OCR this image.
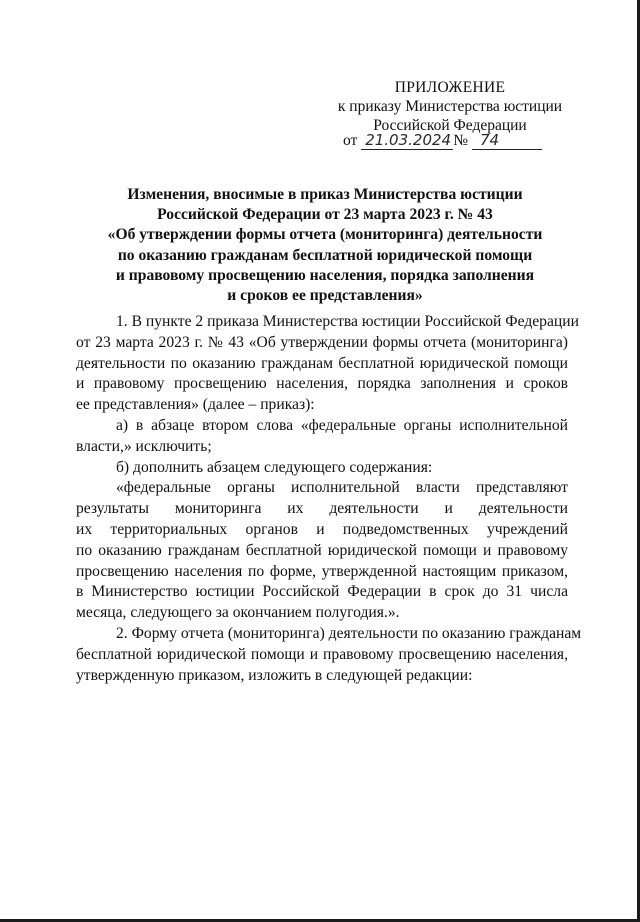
ПРИЛОЖЕНИЕ
к приказу Министерства юстиции
Российской Федерации
от 21.03.2024 № 74
Изменения, вносимые в приказ Министерства юстиции
Российской Федерации от 23 марта 2023 г. № 43
«Об утверждении формы отчета (мониторинга) деятельности
по оказанию гражданам бесплатной юридической помощи
и правовому просвещению населения, порядка заполнения
и сроков ее представления»
1. В пункте 2 приказа Министерства юстиции Российской Федерации
от 23 марта 2023 г. № 43 «Об утверждении формы отчета (мониторинга)
деятельности по оказанию гражданам бесплатной юридической помощи
и правовому просвещению населения, порядка заполнения и сроков
ее представления» (далее – приказ):
а) в абзаце втором слова «федеральные органы исполнительной
власти,» исключить;
б) дополнить абзацем следующего содержания:
«федеральные органы исполнительной власти представляют
результаты мониторинга их деятельности и деятельности
их территориальных органов и подведомственных учреждений
по оказанию гражданам бесплатной юридической помощи и правовому
просвещению населения по форме, утвержденной настоящим приказом,
в Министерство юстиции Российской Федерации в срок до 31 числа
месяца, следующего за окончанием полугодия.».
2. Форму отчета (мониторинга) деятельности по оказанию гражданам
бесплатной юридической помощи и правовому просвещению населения,
утвержденную приказом, изложить в следующей редакции:
